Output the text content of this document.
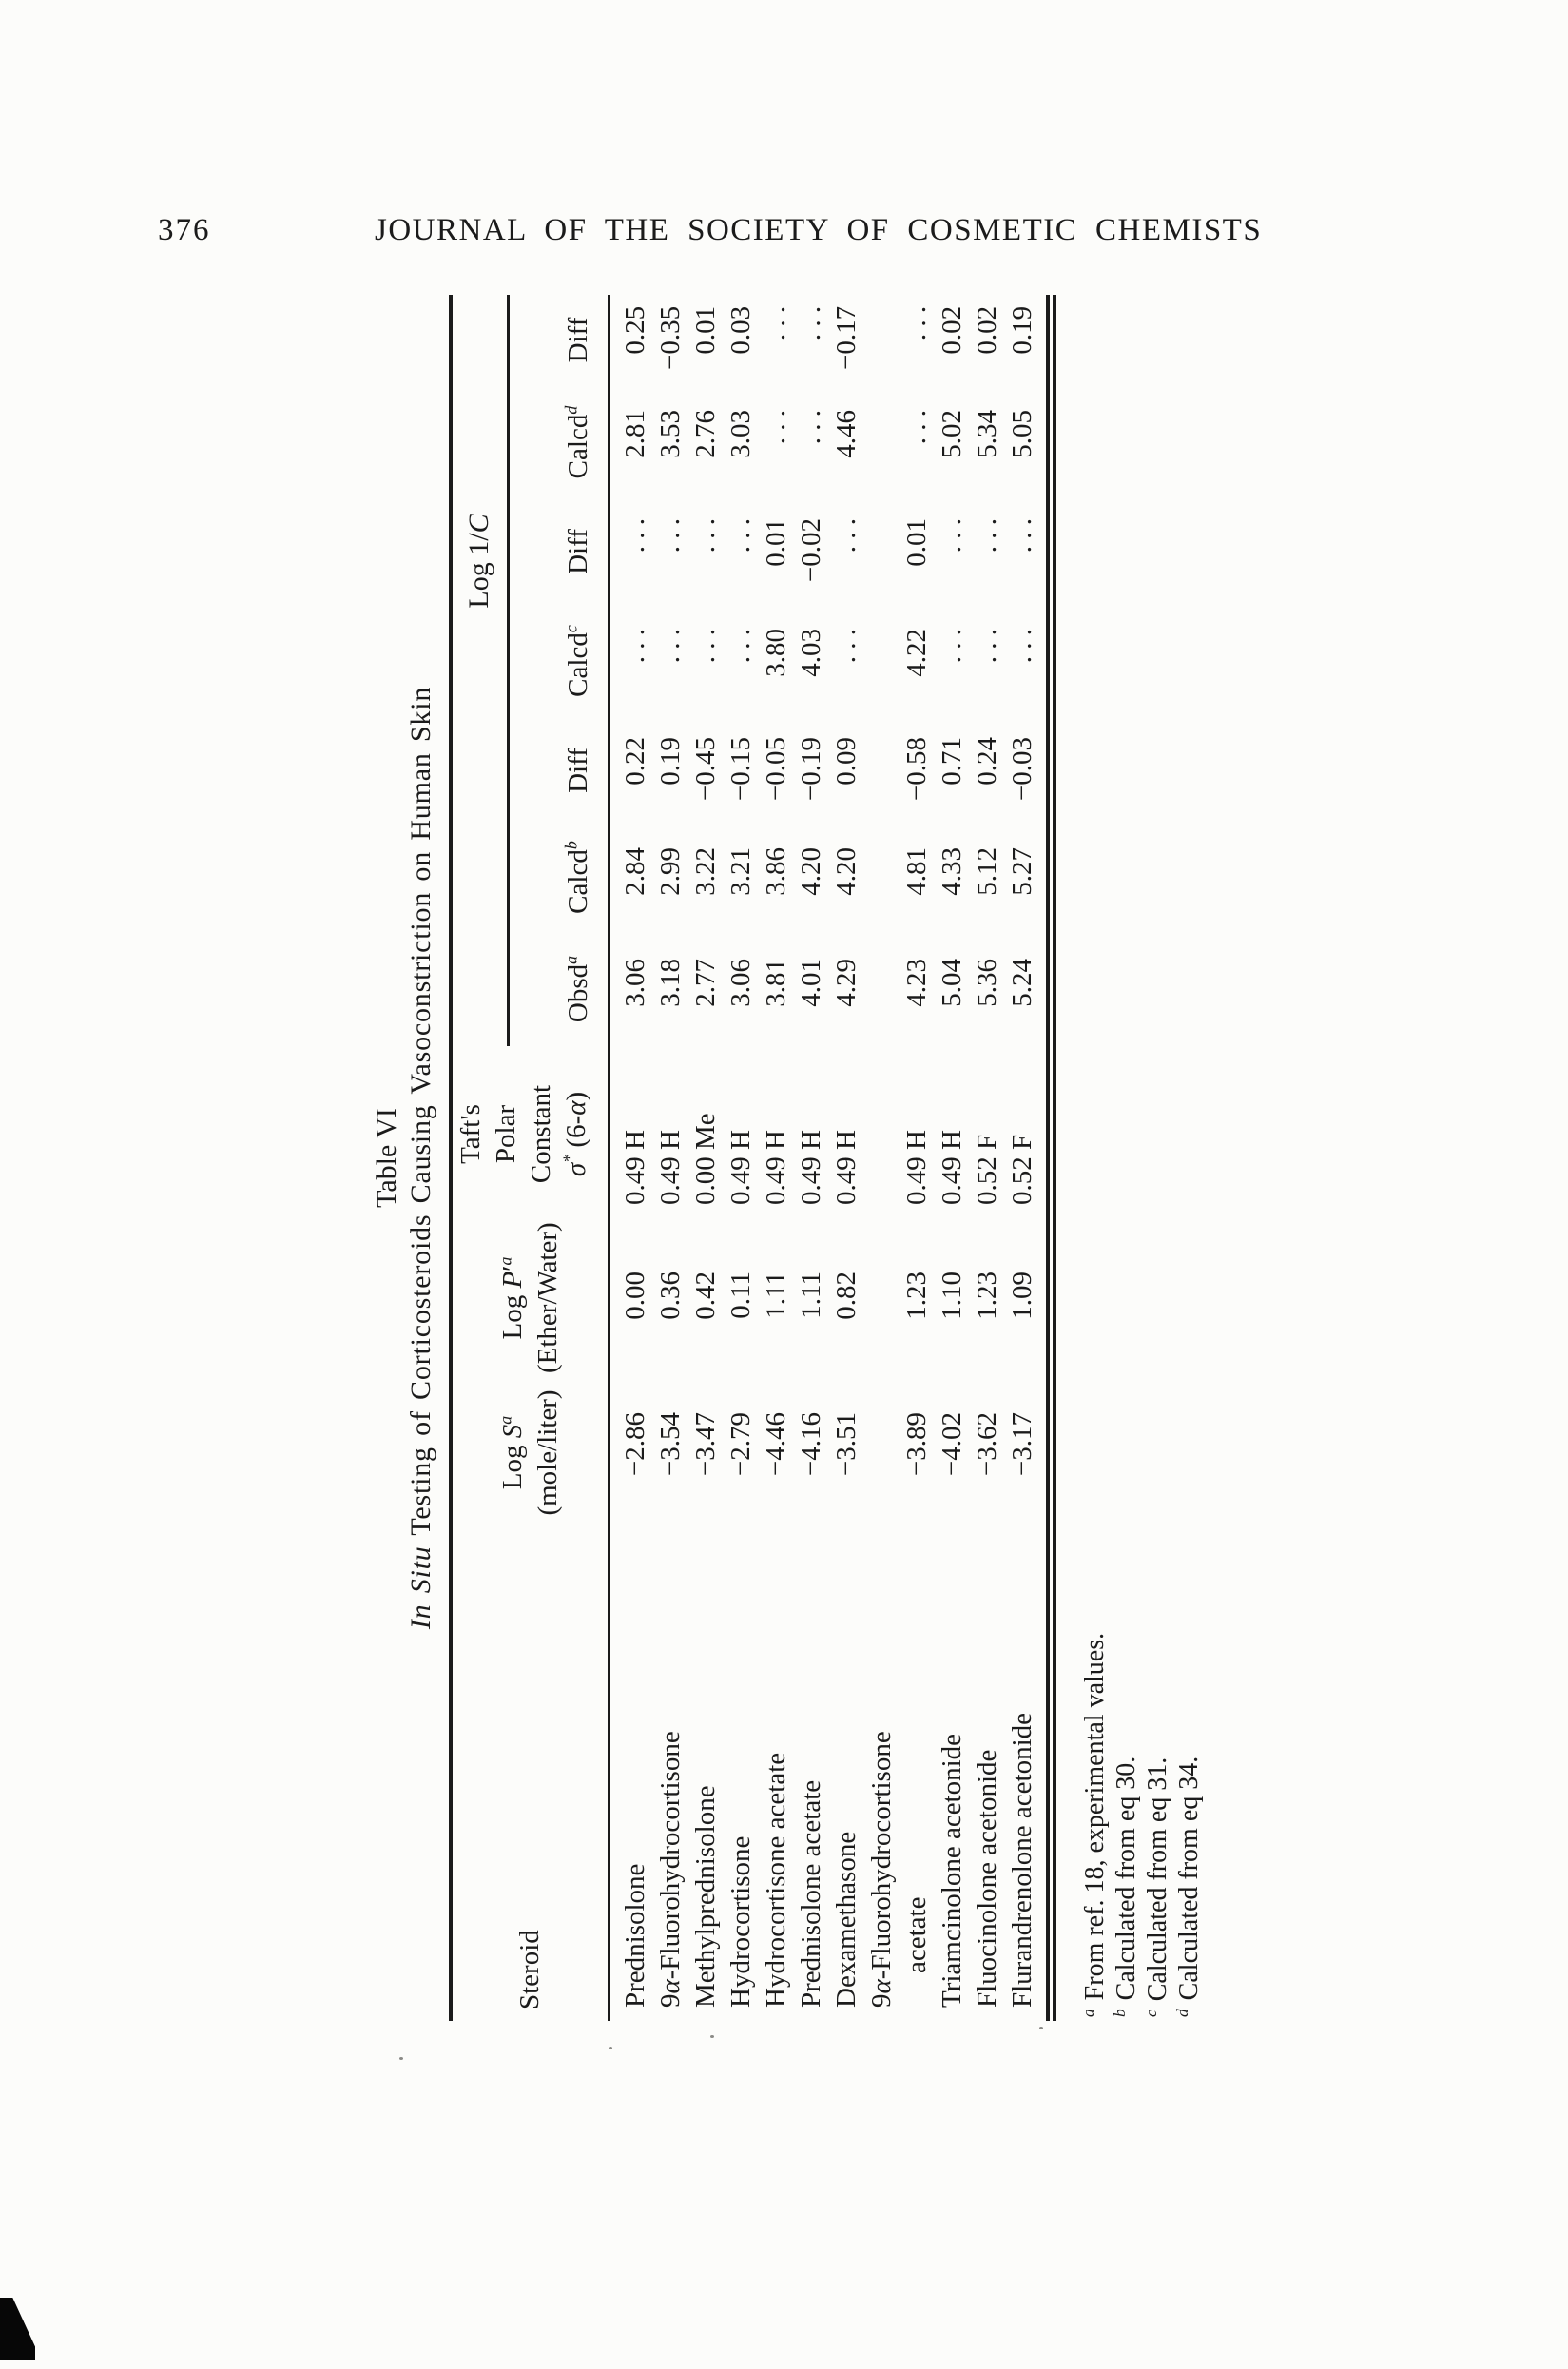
376	JOURNAL OF THE SOCIETY OF COSMETIC CHEMISTS
Table VI
In Situ Testing of Corticosteroids Causing Vasoconstriction on Human Skin
Steroid	
Log $S^a$ (mole/liter)

Log $P'^a$ (Ether/Water)

Taft's Polar Constant σ* (6-α)
	Log 1/C
				Obsd$^a$	Calcd$^b$	Diff	Calcd$^c$	Diff	Calcd$^d$	Diff
Prednisolone	−2.86	0.00	0.49 H	3.06	2.84	0.22	. . .	. . .	2.81	0.25
9α-Fluorohydrocortisone	−3.54	0.36	0.49 H	3.18	2.99	0.19	. . .	. . .	3.53	−0.35
Methylprednisolone	−3.47	0.42	0.00 Me	2.77	3.22	−0.45	. . .	. . .	2.76	0.01
Hydrocortisone	−2.79	0.11	0.49 H	3.06	3.21	−0.15	. . .	. . .	3.03	0.03
Hydrocortisone acetate	−4.46	1.11	0.49 H	3.81	3.86	−0.05	3.80	0.01	. . .	. . .
Prednisolone acetate	−4.16	1.11	0.49 H	4.01	4.20	−0.19	4.03	−0.02	. . .	. . .
Dexamethasone	−3.51	0.82	0.49 H	4.29	4.20	0.09	. . .	. . .	4.46	−0.17
9α-Fluorohydrocortisone acetate	−3.89	1.23	0.49 H	4.23	4.81	−0.58	4.22	0.01	. . .	. . .
Triamcinolone acetonide	−4.02	1.10	0.49 H	5.04	4.33	0.71	. . .	. . .	5.02	0.02
Fluocinolone acetonide	−3.62	1.23	0.52 F	5.36	5.12	0.24	. . .	. . .	5.34	0.02
Flurandrenolone acetonide	−3.17	1.09	0.52 F	5.24	5.27	−0.03	. . .	. . .	5.05	0.19
$^a$From ref. 18, experimental values.
$^b$Calculated from eq 30.
$^c$Calculated from eq 31.
$^d$Calculated from eq 34.
